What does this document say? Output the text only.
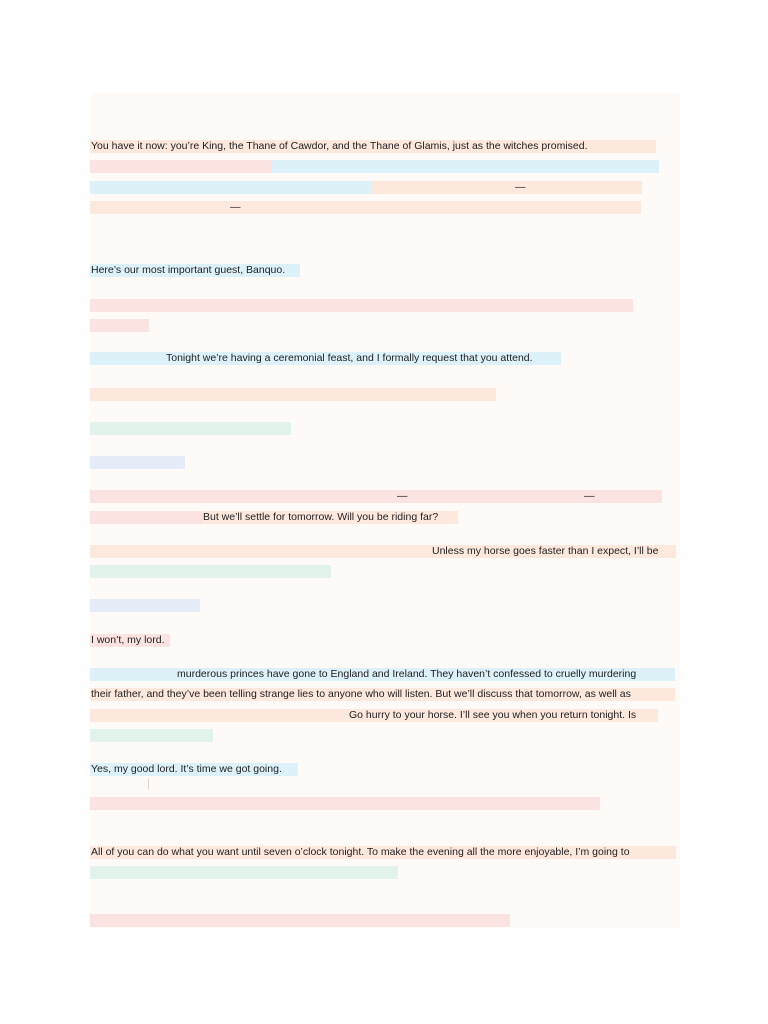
You have it now: you’re King, the Thane of Cawdor, and the Thane of Glamis, just as the witches promised.
—
—
Here’s our most important guest, Banquo.
Tonight we’re having a ceremonial feast, and I formally request that you attend.
—	—
But we’ll settle for tomorrow. Will you be riding far?
Unless my horse goes faster than I expect, I’ll be
I won’t, my lord.
murderous princes have gone to England and Ireland. They haven’t confessed to cruelly murdering
their father, and they’ve been telling strange lies to anyone who will listen. But we’ll discuss that tomorrow, as well as
Go hurry to your horse. I’ll see you when you return tonight. Is
Yes, my good lord. It’s time we got going.
All of you can do what you want until seven o’clock tonight. To make the evening all the more enjoyable, I’m going to
